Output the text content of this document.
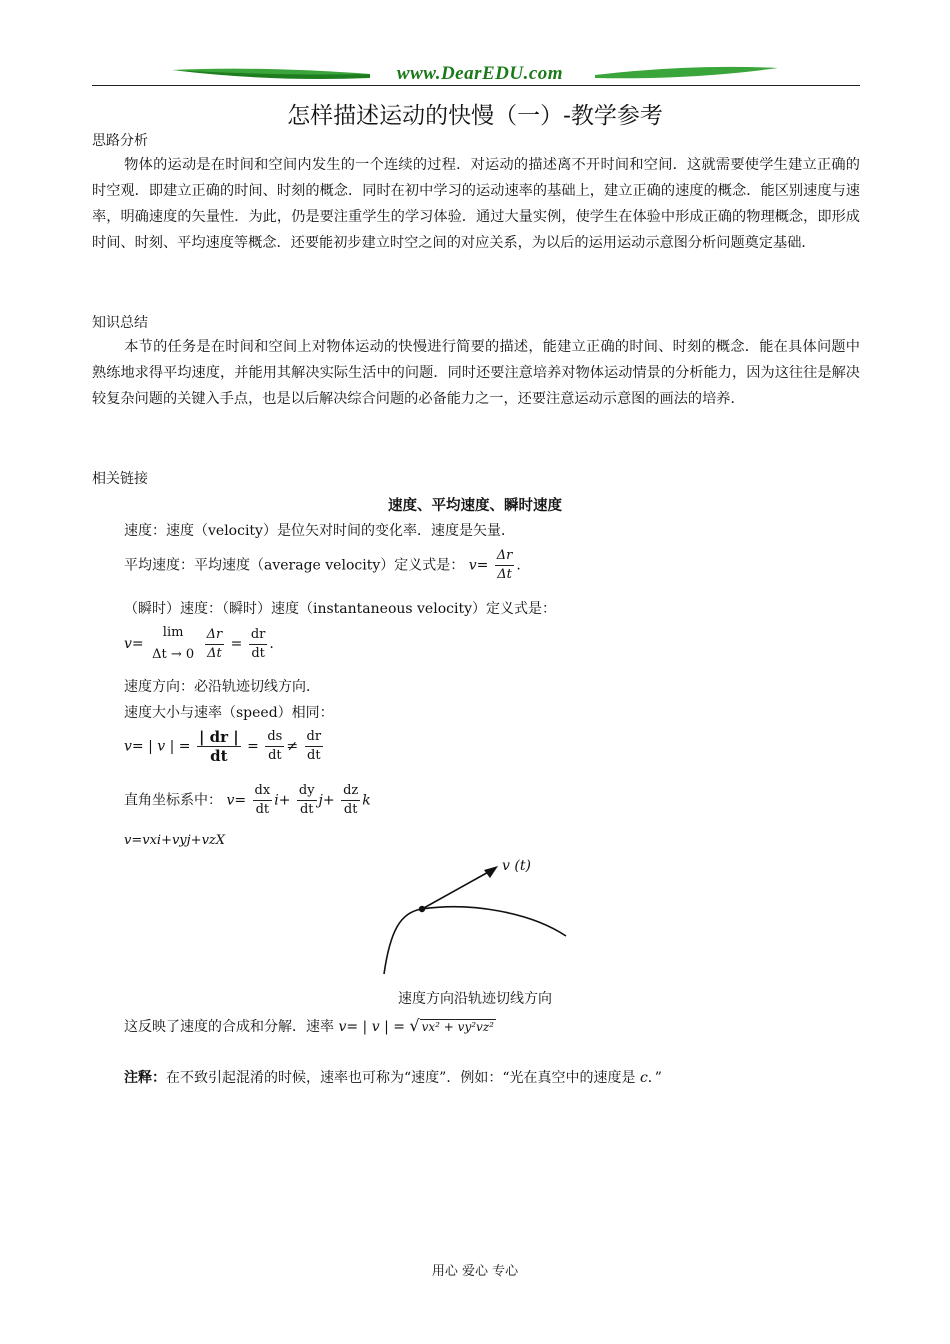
www.DearEDU.com
怎样描述运动的快慢（一）-教学参考
思路分析
物体的运动是在时间和空间内发生的一个连续的过程．对运动的描述离不开时间和空间．这就需要使学生建立正确的时空观．即建立正确的时间、时刻的概念．同时在初中学习的运动速率的基础上，建立正确的速度的概念．能区别速度与速率，明确速度的矢量性．为此，仍是要注重学生的学习体验．通过大量实例，使学生在体验中形成正确的物理概念，即形成时间、时刻、平均速度等概念．还要能初步建立时空之间的对应关系，为以后的运用运动示意图分析问题奠定基础．
知识总结
本节的任务是在时间和空间上对物体运动的快慢进行简要的描述，能建立正确的时间、时刻的概念．能在具体问题中熟练地求得平均速度，并能用其解决实际生活中的问题．同时还要注意培养对物体运动情景的分析能力，因为这往往是解决较复杂问题的关键入手点，也是以后解决综合问题的必备能力之一，还要注意运动示意图的画法的培养．
相关链接
速度、平均速度、瞬时速度
速度：速度（velocity）是位矢对时间的变化率．速度是矢量．
平均速度：平均速度（average velocity）定义式是： $v= \frac{\Delta r}{\Delta t}$ .
（瞬时）速度：（瞬时）速度（instantaneous velocity）定义式是：
v=
lim
Δt → 0
$\frac{\Delta r}{\Delta t} = \frac{dr}{dt}$ .
速度方向：必沿轨迹切线方向．
速度大小与速率（speed）相同：
v= | v | = $\frac{| dr |}{dt} = \frac{ds}{dt} \ne \frac{dr}{dt}$
直角坐标系中： $v= \frac{dx}{dt} i+ \frac{dy}{dt} j+ \frac{dz}{dt}$ k
v=vxi+vyj+vzX
v (t)
速度方向沿轨迹切线方向
这反映了速度的合成和分解．速率 v= | v | = √ vx² + vy²vz²
注释：在不致引起混淆的时候，速率也可称为“速度”．例如：“光在真空中的速度是 c．”
用心 爱心 专心
